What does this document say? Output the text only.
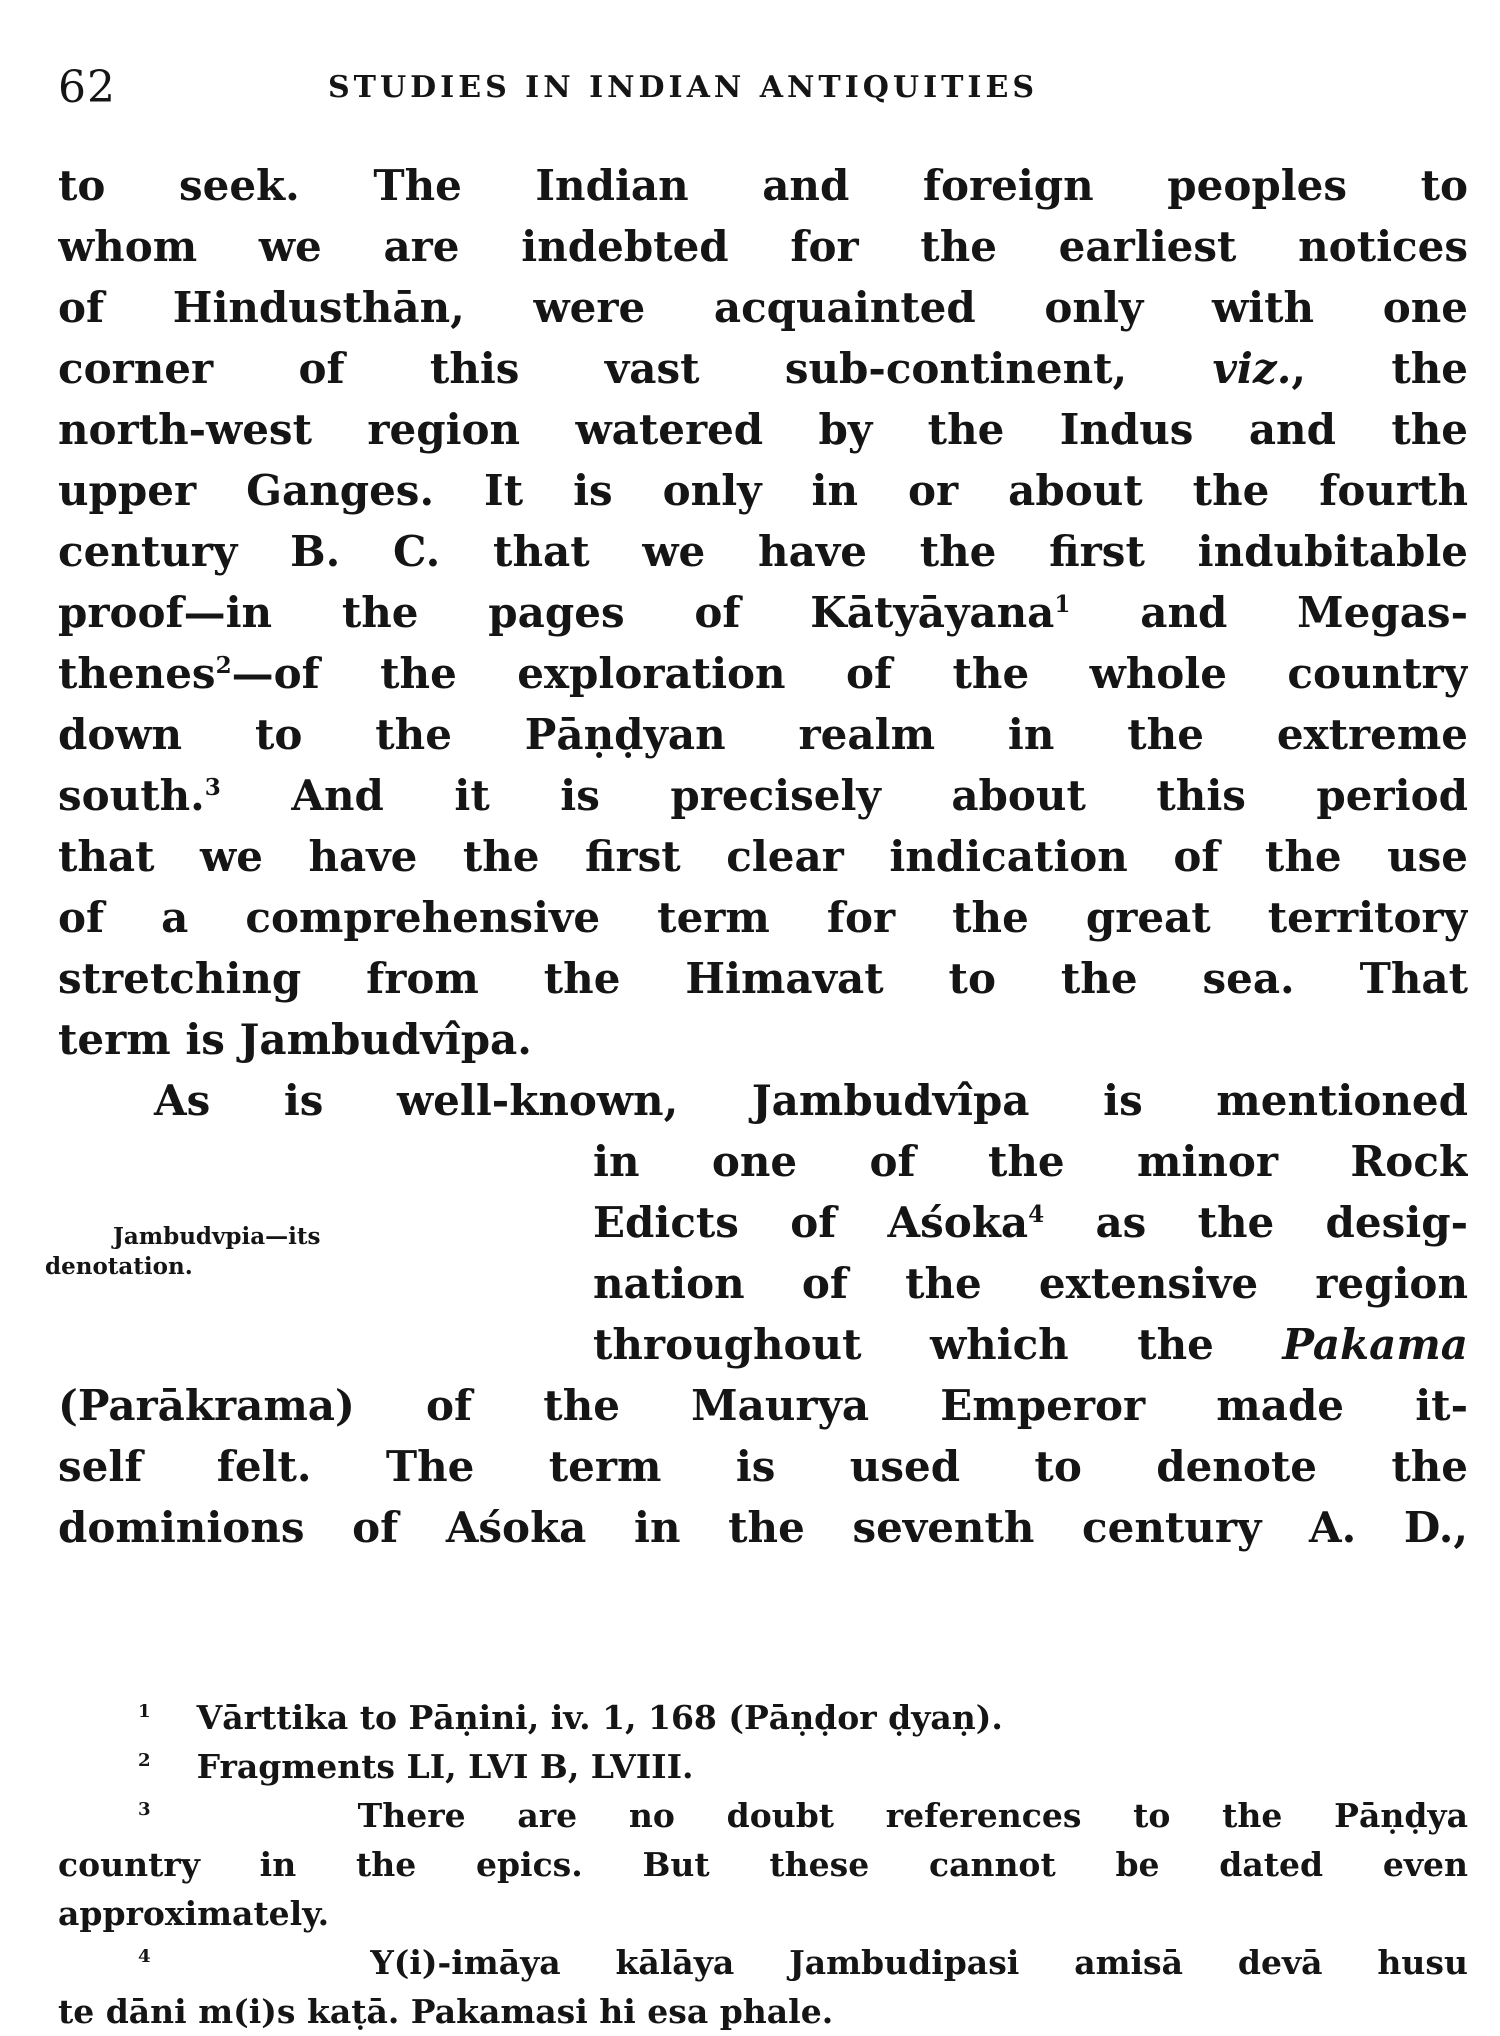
62	STUDIES IN INDIAN ANTIQUITIES
to seek. The Indian and foreign peoples to
whom we are indebted for the earliest notices
of Hindusthān, were acquainted only with one
corner of this vast sub-continent, viz., the
north-west region watered by the Indus and the
upper Ganges. It is only in or about the fourth
century B. C. that we have the first indubitable
proof—in the pages of Kātyāyana$^1$ and Megas-
thenes$^2$—of the exploration of the whole country
down to the Pāṇḍyan realm in the extreme
south.$^3$ And it is precisely about this period
that we have the first clear indication of the use
of a comprehensive term for the great territory
stretching from the Himavat to the sea. That
term is Jambudvîpa.
As is well-known, Jambudvîpa is mentioned
in one of the minor Rock
Edicts of Aśoka$^4$ as the desig-
nation of the extensive region
throughout which the Pakama
(Parākrama) of the Maurya Emperor made it-
self felt. The term is used to denote the
dominions of Aśoka in the seventh century A. D.,
Jambudvpia—its
denotation.
$^1$ Vārttika to Pāṇini, iv. 1, 168 (Pāṇḍor ḍyaṇ).
$^2$ Fragments LI, LVI B, LVIII.
$^3$	There are no doubt references to the Pāṇḍya
country in the epics. But these cannot be dated even
approximately.
$^4$	Y(i)-imāya kālāya Jambudipasi amisā devā husu
te dāni m(i)s kaṭā. Pakamasi hi esa phale.
